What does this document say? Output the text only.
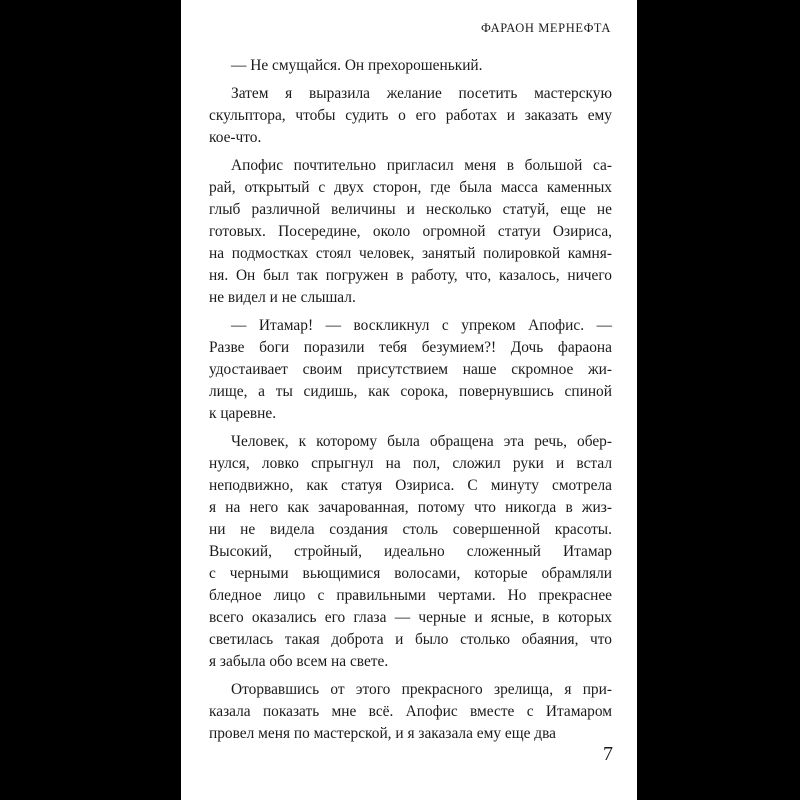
ФАРАОН МЕРНЕФТА
— Не смущайся. Он прехорошенький.
Затем я выразила желание посетить мастерскую
скульптора, чтобы судить о его работах и заказать ему
кое-что.
Апофис почтительно пригласил меня в большой са-
рай, открытый с двух сторон, где была масса каменных
глыб различной величины и несколько статуй, еще не
готовых. Посередине, около огромной статуи Озириса,
на подмостках стоял человек, занятый полировкой камня-
ня. Он был так погружен в работу, что, казалось, ничего
не видел и не слышал.
— Итамар! — воскликнул с упреком Апофис. —
Разве боги поразили тебя безумием?! Дочь фараона
удостаивает своим присутствием наше скромное жи-
лище, а ты сидишь, как сорока, повернувшись спиной
к царевне.
Человек, к которому была обращена эта речь, обер-
нулся, ловко спрыгнул на пол, сложил руки и встал
неподвижно, как статуя Озириса. С минуту смотрела
я на него как зачарованная, потому что никогда в жиз-
ни не видела создания столь совершенной красоты.
Высокий, стройный, идеально сложенный Итамар
с черными вьющимися волосами, которые обрамляли
бледное лицо с правильными чертами. Но прекраснее
всего оказались его глаза — черные и ясные, в которых
светилась такая доброта и было столько обаяния, что
я забыла обо всем на свете.
Оторвавшись от этого прекрасного зрелища, я при-
казала показать мне всё. Апофис вместе с Итамаром
провел меня по мастерской, и я заказала ему еще два
7
